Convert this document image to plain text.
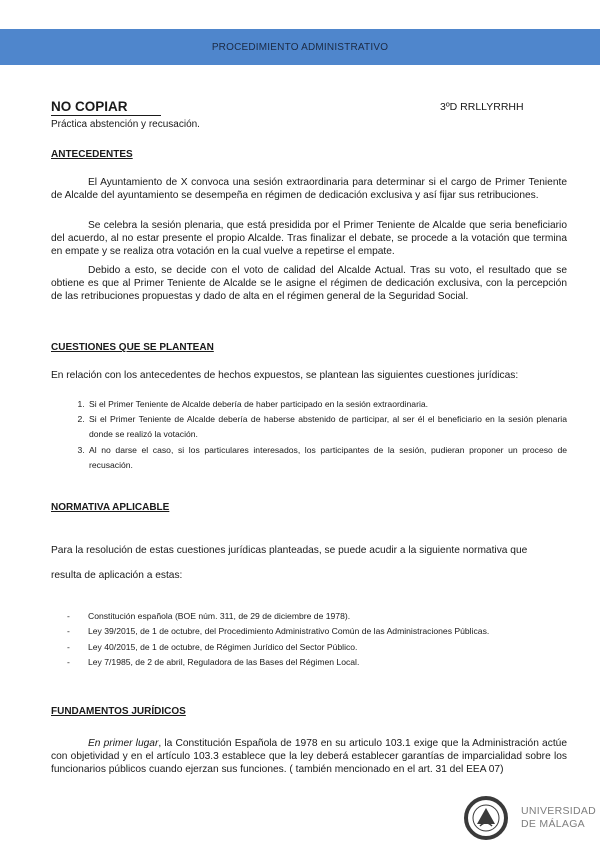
PROCEDIMIENTO ADMINISTRATIVO
NO COPIAR	3ºD RRLLYRRHH
Práctica abstención y recusación.
ANTECEDENTES

El Ayuntamiento de X convoca una sesión extraordinaria para determinar si el cargo de Primer Teniente de Alcalde del ayuntamiento se desempeña en régimen de dedicación exclusiva y así fijar sus retribuciones.

Se celebra la sesión plenaria, que está presidida por el Primer Teniente de Alcalde que seria beneficiario del acuerdo, al no estar presente el propio Alcalde. Tras finalizar el debate, se procede a la votación que termina en empate y se realiza otra votación en la cual vuelve a repetirse el empate.

Debido a esto, se decide con el voto de calidad del Alcalde Actual. Tras su voto, el resultado que se obtiene es que al Primer Teniente de Alcalde se le asigne el régimen de dedicación exclusiva, con la percepción de las retribuciones propuestas y dado de alta en el régimen general de la Seguridad Social.

CUESTIONES QUE SE PLANTEAN

En relación con los antecedentes de hechos expuestos, se plantean las siguientes cuestiones jurídicas:

1. Si el Primer Teniente de Alcalde debería de haber participado en la sesión extraordinaria.
2. Si el Primer Teniente de Alcalde debería de haberse abstenido de participar, al ser él el beneficiario en la sesión plenaria donde se realizó la votación.
3. Al no darse el caso, si los particulares interesados, los participantes de la sesión, pudieran proponer un proceso de recusación.
NORMATIVA APLICABLE

Para la resolución de estas cuestiones jurídicas planteadas, se puede acudir a la siguiente normativa que

resulta de aplicación a estas:

- Constitución española (BOE núm. 311, de 29 de diciembre de 1978).
- Ley 39/2015, de 1 de octubre, del Procedimiento Administrativo Común de las Administraciones Públicas.
- Ley 40/2015, de 1 de octubre, de Régimen Jurídico del Sector Público.
- Ley 7/1985, de 2 de abril, Reguladora de las Bases del Régimen Local.
FUNDAMENTOS JURÍDICOS

En primer lugar, la Constitución Española de 1978 en su articulo 103.1 exige que la Administración actúe con objetividad y en el artículo 103.3 establece que la ley deberá establecer garantías de imparcialidad sobre los funcionarios públicos cuando ejerzan sus funciones. ( también mencionado en el art. 31 del EEA 07)

UNIVERSIDAD
DE MÁLAGA
